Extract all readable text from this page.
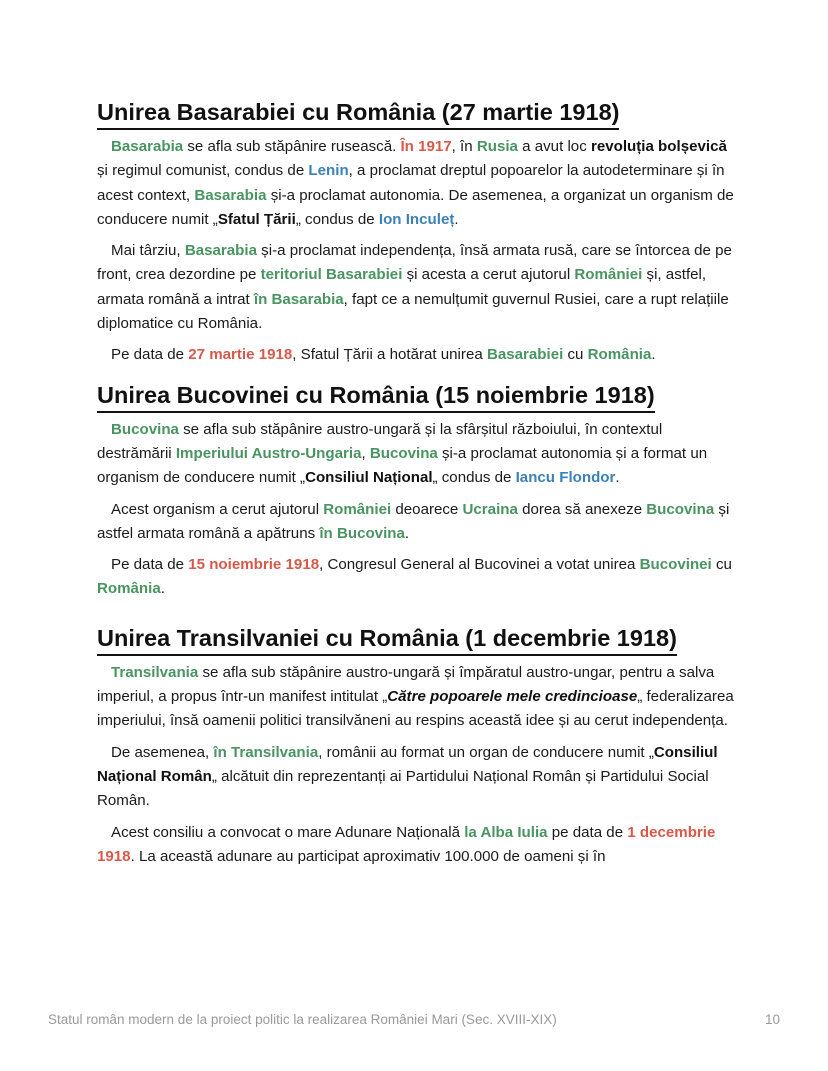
Unirea Basarabiei cu România (27 martie 1918)

Basarabia se afla sub stăpânire rusească. În 1917, în Rusia a avut loc revoluția bolșevică și regimul comunist, condus de Lenin, a proclamat dreptul popoarelor la autodeterminare și în acest context, Basarabia și-a proclamat autonomia. De asemenea, a organizat un organism de conducere numit „Sfatul Țării„ condus de Ion Inculeț.

Mai târziu, Basarabia și-a proclamat independența, însă armata rusă, care se întorcea de pe front, crea dezordine pe teritoriul Basarabiei și acesta a cerut ajutorul României și, astfel, armata română a intrat în Basarabia, fapt ce a nemulțumit guvernul Rusiei, care a rupt relațiile diplomatice cu România.

Pe data de 27 martie 1918, Sfatul Țării a hotărat unirea Basarabiei cu România.

Unirea Bucovinei cu România (15 noiembrie 1918)

Bucovina se afla sub stăpânire austro-ungară și la sfârșitul războiului, în contextul destrămării Imperiului Austro-Ungaria, Bucovina și-a proclamat autonomia și a format un organism de conducere numit „Consiliul Național„ condus de Iancu Flondor.

Acest organism a cerut ajutorul României deoarece Ucraina dorea să anexeze Bucovina și astfel armata română a apătruns în Bucovina.

Pe data de 15 noiembrie 1918, Congresul General al Bucovinei a votat unirea Bucovinei cu România.

Unirea Transilvaniei cu România (1 decembrie 1918)

Transilvania se afla sub stăpânire austro-ungară și împăratul austro-ungar, pentru a salva imperiul, a propus într-un manifest intitulat „Către popoarele mele credincioase„ federalizarea imperiului, însă oamenii politici transilvăneni au respins această idee și au cerut independența.

De asemenea, în Transilvania, românii au format un organ de conducere numit „Consiliul Național Român„ alcătuit din reprezentanți ai Partidului Național Român și Partidului Social Român.

Acest consiliu a convocat o mare Adunare Națională la Alba Iulia pe data de 1 decembrie 1918. La această adunare au participat aproximativ 100.000 de oameni și în

Statul român modern de la proiect politic la realizarea României Mari (Sec. XVIII-XIX)	10
